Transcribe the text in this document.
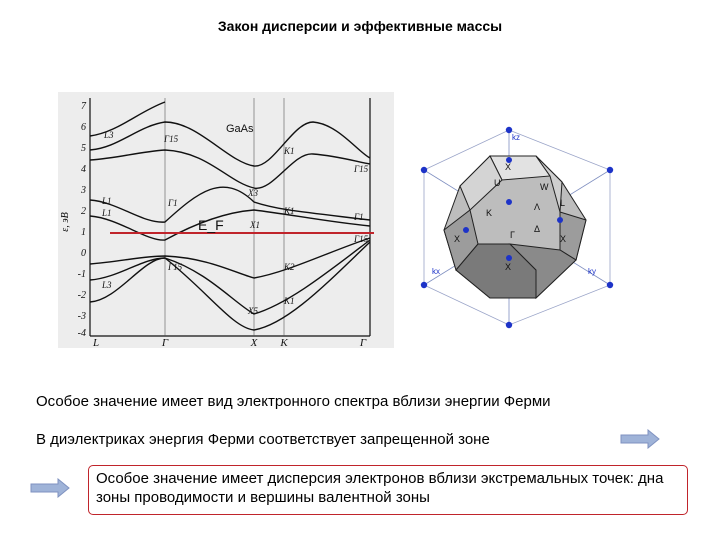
Закон дисперсии и эффективные массы
7
6
5
4
3
2
1
0
-1
-2
-3
-4
ε, эВ
L	Γ	X K	Γ
E_F
GaAs
L3	Γ15
K1
L1	Γ1
X3
K1
X1
Γ1
Γ15
L1
L3
Γ15	K2
X5
K1
Γ15
kz
ky
kx
X
X	X
X
L
K
Γ
Δ
Λ
U	W
Особое значение имеет вид электронного спектра вблизи энергии Ферми
В диэлектриках энергия Ферми соответствует запрещенной зоне
Особое значение имеет дисперсия электронов вблизи экстремальных точек: дна зоны проводимости и вершины валентной зоны
